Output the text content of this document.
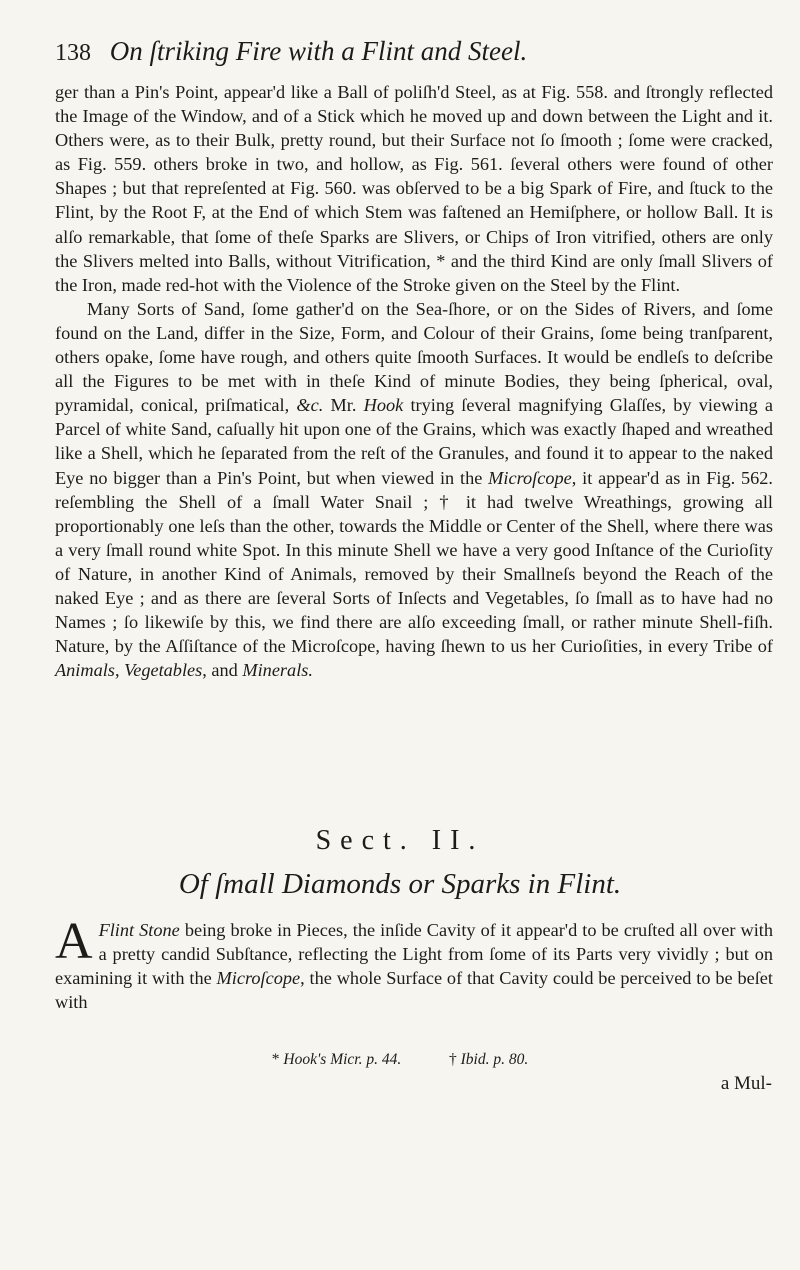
138 On ſtriking Fire with a Flint and Steel.

ger than a Pin's Point, appear'd like a Ball of poliſh'd Steel, as at Fig. 558. and ſtrongly reflected the Image of the Window, and of a Stick which he moved up and down between the Light and it. Others were, as to their Bulk, pretty round, but their Surface not ſo ſmooth ; ſome were cracked, as Fig. 559. others broke in two, and hollow, as Fig. 561. ſeveral others were found of other Shapes ; but that repreſented at Fig. 560. was obſerved to be a big Spark of Fire, and ſtuck to the Flint, by the Root F, at the End of which Stem was faſtened an Hemiſphere, or hollow Ball. It is alſo remarkable, that ſome of theſe Sparks are Slivers, or Chips of Iron vitrified, others are only the Slivers melted into Balls, without Vitrification, * and the third Kind are only ſmall Slivers of the Iron, made red-hot with the Violence of the Stroke given on the Steel by the Flint.

Many Sorts of Sand, ſome gather'd on the Sea-ſhore, or on the Sides of Rivers, and ſome found on the Land, differ in the Size, Form, and Colour of their Grains, ſome being tranſparent, others opake, ſome have rough, and others quite ſmooth Surfaces. It would be endleſs to deſcribe all the Figures to be met with in theſe Kind of minute Bodies, they being ſpherical, oval, pyramidal, conical, priſmatical, &c. Mr. Hook trying ſeveral magnifying Glaſſes, by viewing a Parcel of white Sand, caſually hit upon one of the Grains, which was exactly ſhaped and wreathed like a Shell, which he ſeparated from the reſt of the Granules, and found it to appear to the naked Eye no bigger than a Pin's Point, but when viewed in the Microſcope, it appear'd as in Fig. 562. reſembling the Shell of a ſmall Water Snail ; † it had twelve Wreathings, growing all proportionably one leſs than the other, towards the Middle or Center of the Shell, where there was a very ſmall round white Spot. In this minute Shell we have a very good Inſtance of the Curioſity of Nature, in another Kind of Animals, removed by their Smallneſs beyond the Reach of the naked Eye ; and as there are ſeveral Sorts of Inſects and Vegetables, ſo ſmall as to have had no Names ; ſo likewiſe by this, we find there are alſo exceeding ſmall, or rather minute Shell-fiſh. Nature, by the Aſſiſtance of the Microſcope, having ſhewn to us her Curioſities, in every Tribe of Animals, Vegetables, and Minerals.

Sect. II.
Of ſmall Diamonds or Sparks in Flint.

A Flint Stone being broke in Pieces, the inſide Cavity of it appear'd to be cruſted all over with a pretty candid Subſtance, reflecting the Light from ſome of its Parts very vividly ; but on examining it with the Microſcope, the whole Surface of that Cavity could be perceived to be beſet with

* Hook's Micr. p. 44.	† Ibid. p. 80.
a Mul-
